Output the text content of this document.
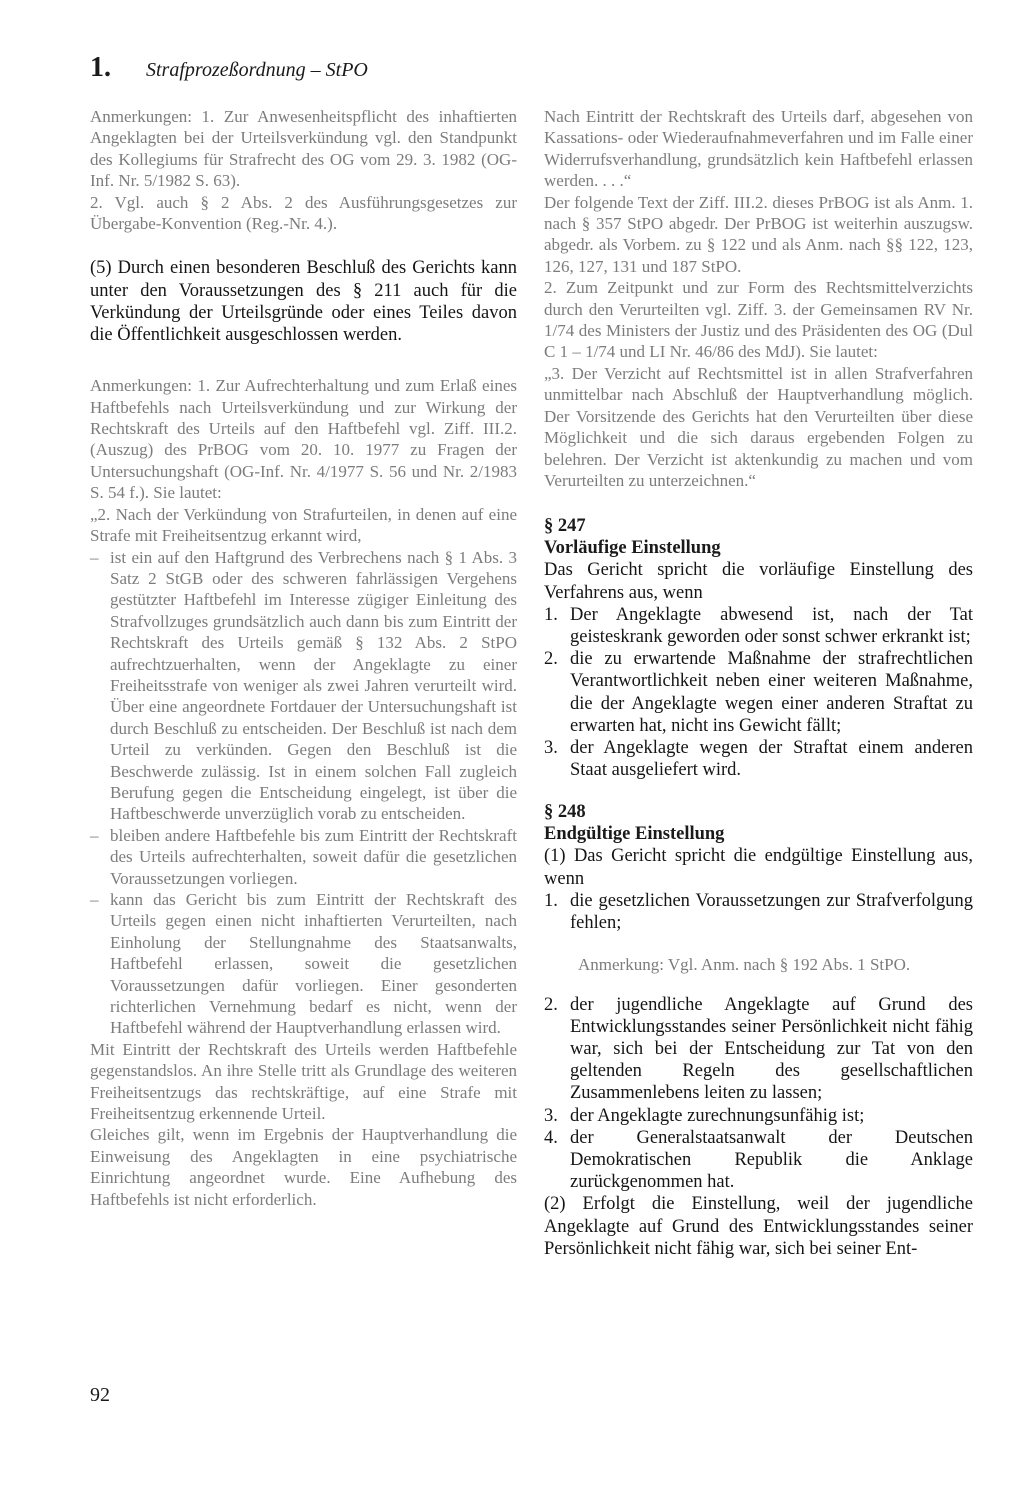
1. Strafprozeßordnung – StPO

Anmerkungen: 1. Zur Anwesenheitspflicht des inhaftierten Angeklagten bei der Urteilsverkündung vgl. den Standpunkt des Kollegiums für Strafrecht des OG vom 29. 3. 1982 (OG-Inf. Nr. 5/1982 S. 63).

2. Vgl. auch § 2 Abs. 2 des Ausführungsgesetzes zur Übergabe-Konvention (Reg.-Nr. 4.).

(5) Durch einen besonderen Beschluß des Gerichts kann unter den Voraussetzungen des § 211 auch für die Verkündung der Urteilsgründe oder eines Teiles davon die Öffentlichkeit ausgeschlossen werden.

Anmerkungen: 1. Zur Aufrechterhaltung und zum Erlaß eines Haftbefehls nach Urteilsverkündung und zur Wirkung der Rechtskraft des Urteils auf den Haftbefehl vgl. Ziff. III.2. (Auszug) des PrBOG vom 20. 10. 1977 zu Fragen der Untersuchungshaft (OG-Inf. Nr. 4/1977 S. 56 und Nr. 2/1983 S. 54 f.). Sie lautet:

„2. Nach der Verkündung von Strafurteilen, in denen auf eine Strafe mit Freiheitsentzug erkannt wird,

– ist ein auf den Haftgrund des Verbrechens nach § 1 Abs. 3 Satz 2 StGB oder des schweren fahrlässigen Vergehens gestützter Haftbefehl im Interesse zügiger Einleitung des Strafvollzuges grundsätzlich auch dann bis zum Eintritt der Rechtskraft des Urteils gemäß § 132 Abs. 2 StPO aufrechtzuerhalten, wenn der Angeklagte zu einer Freiheitsstrafe von weniger als zwei Jahren verurteilt wird. Über eine angeordnete Fortdauer der Untersuchungshaft ist durch Beschluß zu entscheiden. Der Beschluß ist nach dem Urteil zu verkünden. Gegen den Beschluß ist die Beschwerde zulässig. Ist in einem solchen Fall zugleich Berufung gegen die Entscheidung eingelegt, ist über die Haftbeschwerde unverzüglich vorab zu entscheiden.
– bleiben andere Haftbefehle bis zum Eintritt der Rechtskraft des Urteils aufrechterhalten, soweit dafür die gesetzlichen Voraussetzungen vorliegen.
– kann das Gericht bis zum Eintritt der Rechtskraft des Urteils gegen einen nicht inhaftierten Verurteilten, nach Einholung der Stellungnahme des Staatsanwalts, Haftbefehl erlassen, soweit die gesetzlichen Voraussetzungen dafür vorliegen. Einer gesonderten richterlichen Vernehmung bedarf es nicht, wenn der Haftbefehl während der Hauptverhandlung erlassen wird.

Mit Eintritt der Rechtskraft des Urteils werden Haftbefehle gegenstandslos. An ihre Stelle tritt als Grundlage des weiteren Freiheitsentzugs das rechtskräftige, auf eine Strafe mit Freiheitsentzug erkennende Urteil.

Gleiches gilt, wenn im Ergebnis der Hauptverhandlung die Einweisung des Angeklagten in eine psychiatrische Einrichtung angeordnet wurde. Eine Aufhebung des Haftbefehls ist nicht erforderlich.

Nach Eintritt der Rechtskraft des Urteils darf, abgesehen von Kassations- oder Wiederaufnahmeverfahren und im Falle einer Widerrufsverhandlung, grundsätzlich kein Haftbefehl erlassen werden. . . .“

Der folgende Text der Ziff. III.2. dieses PrBOG ist als Anm. 1. nach § 357 StPO abgedr. Der PrBOG ist weiterhin auszugsw. abgedr. als Vorbem. zu § 122 und als Anm. nach §§ 122, 123, 126, 127, 131 und 187 StPO.

2. Zum Zeitpunkt und zur Form des Rechtsmittelverzichts durch den Verurteilten vgl. Ziff. 3. der Gemeinsamen RV Nr. 1/74 des Ministers der Justiz und des Präsidenten des OG (Dul C 1 – 1/74 und LI Nr. 46/86 des MdJ). Sie lautet:

„3. Der Verzicht auf Rechtsmittel ist in allen Strafverfahren unmittelbar nach Abschluß der Hauptverhandlung möglich. Der Vorsitzende des Gerichts hat den Verurteilten über diese Möglichkeit und die sich daraus ergebenden Folgen zu belehren. Der Verzicht ist aktenkundig zu machen und vom Verurteilten zu unterzeichnen.“

§ 247
Vorläufige Einstellung

Das Gericht spricht die vorläufige Einstellung des Verfahrens aus, wenn

1. Der Angeklagte abwesend ist, nach der Tat geisteskrank geworden oder sonst schwer erkrankt ist;
2. die zu erwartende Maßnahme der strafrechtlichen Verantwortlichkeit neben einer weiteren Maßnahme, die der Angeklagte wegen einer anderen Straftat zu erwarten hat, nicht ins Gewicht fällt;
3. der Angeklagte wegen der Straftat einem anderen Staat ausgeliefert wird.
§ 248
Endgültige Einstellung

(1) Das Gericht spricht die endgültige Einstellung aus, wenn

1. die gesetzlichen Voraussetzungen zur Strafverfolgung fehlen;

Anmerkung: Vgl. Anm. nach § 192 Abs. 1 StPO.

2. der jugendliche Angeklagte auf Grund des Entwicklungsstandes seiner Persönlichkeit nicht fähig war, sich bei der Entscheidung zur Tat von den geltenden Regeln des gesellschaftlichen Zusammenlebens leiten zu lassen;
3. der Angeklagte zurechnungsunfähig ist;
4. der Generalstaatsanwalt der Deutschen Demokratischen Republik die Anklage zurückgenommen hat.

(2) Erfolgt die Einstellung, weil der jugendliche Angeklagte auf Grund des Entwicklungsstandes seiner Persönlichkeit nicht fähig war, sich bei seiner Ent-

92
